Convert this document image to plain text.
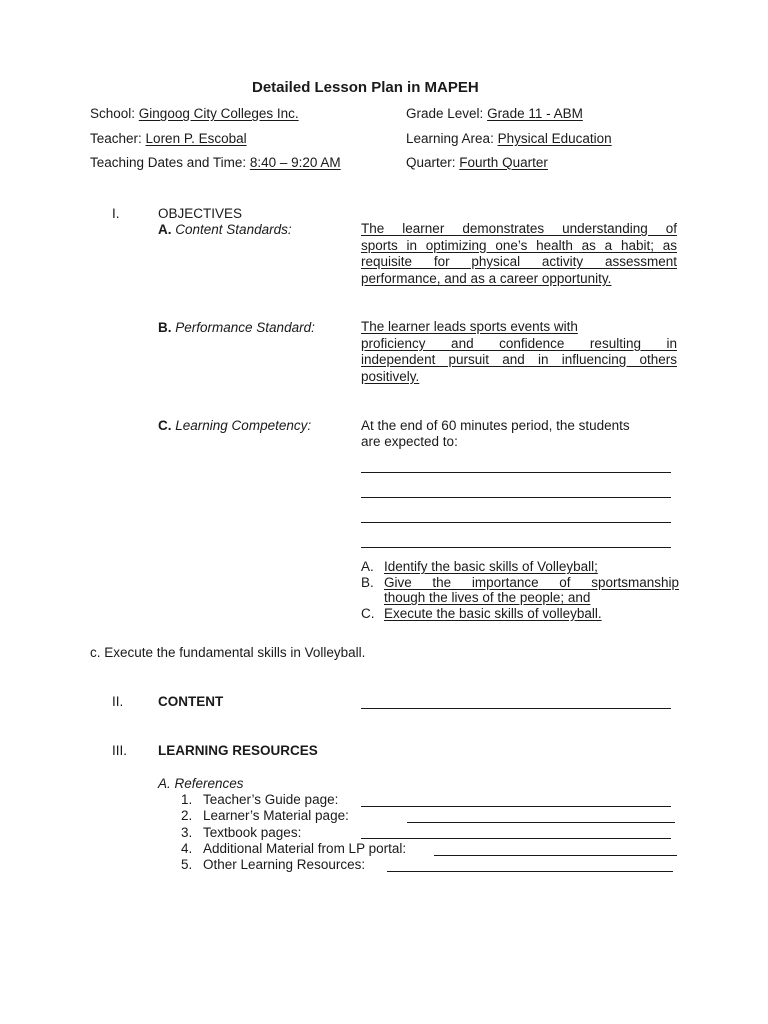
Detailed Lesson Plan in MAPEH
School: Gingoog City Colleges Inc.	Grade Level: Grade 11 - ABM
Teacher: Loren P. Escobal	Learning Area: Physical Education
Teaching Dates and Time: 8:40 – 9:20 AM	Quarter: Fourth Quarter
I.	OBJECTIVES
A. Content Standards:	The learner demonstrates understanding of
sports in optimizing one’s health as a habit; as
requisite for physical activity assessment
performance, and as a career opportunity.
B. Performance Standard:	The learner leads sports events with
proficiency and confidence resulting in
independent pursuit and in influencing others
positively.
C. Learning Competency:	At the end of 60 minutes period, the students
are expected to:
A. Identify the basic skills of Volleyball;
B. Give the importance of sportsmanship
though the lives of the people; and
C. Execute the basic skills of volleyball.
c. Execute the fundamental skills in Volleyball.
II.	CONTENT
III. LEARNING RESOURCES
A. References
1. Teacher’s Guide page:
2. Learner’s Material page:
3. Textbook pages:
4. Additional Material from LP portal:
5. Other Learning Resources:
